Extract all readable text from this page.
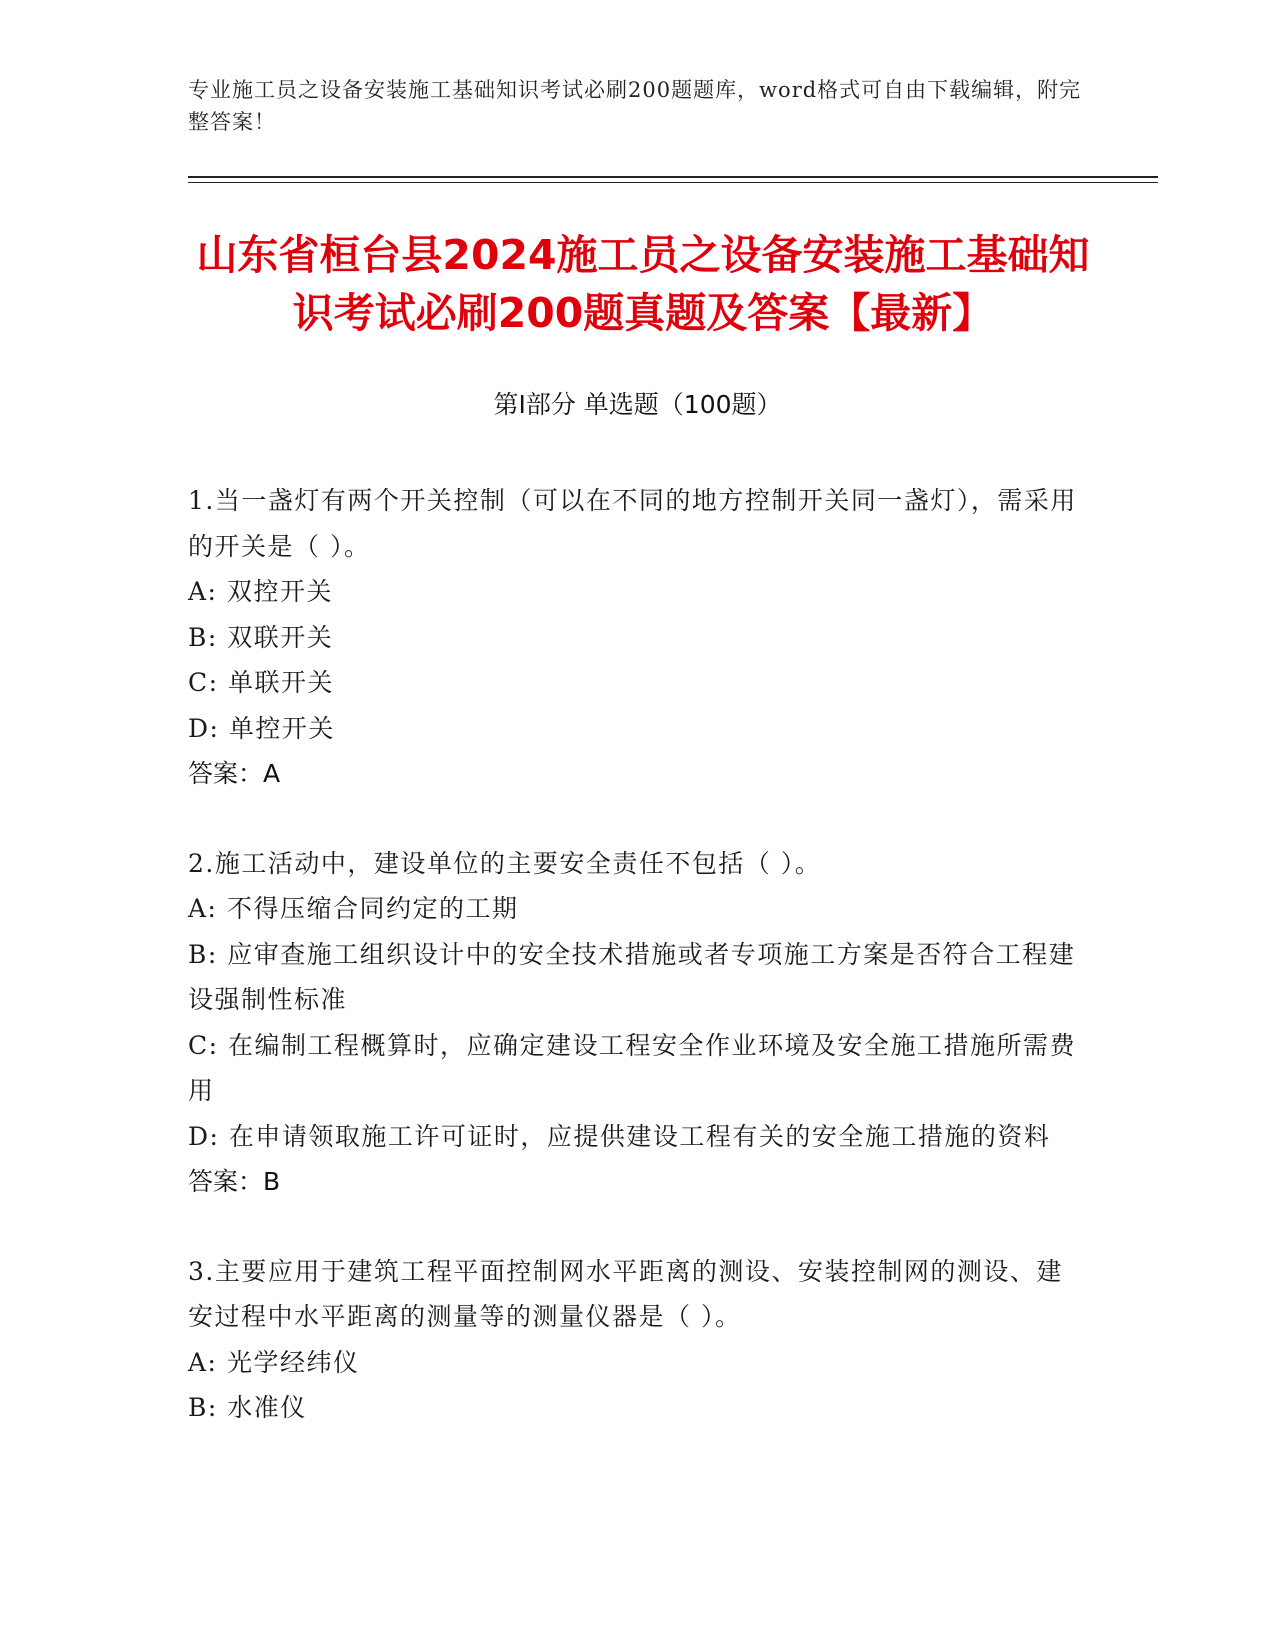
专业施工员之设备安装施工基础知识考试必刷200题题库，word格式可自由下载编辑，附完整答案！
山东省桓台县2024施工员之设备安装施工基础知识考试必刷200题真题及答案【最新】
第Ⅰ部分 单选题（100题）
1.当一盏灯有两个开关控制（可以在不同的地方控制开关同一盏灯），需采用的开关是（ ）。
A: 双控开关
B: 双联开关
C: 单联开关
D: 单控开关
答案：A
2.施工活动中，建设单位的主要安全责任不包括（ ）。
A: 不得压缩合同约定的工期
B: 应审查施工组织设计中的安全技术措施或者专项施工方案是否符合工程建设强制性标准
C: 在编制工程概算时，应确定建设工程安全作业环境及安全施工措施所需费用
D: 在申请领取施工许可证时，应提供建设工程有关的安全施工措施的资料
答案：B
3.主要应用于建筑工程平面控制网水平距离的测设、安装控制网的测设、建安过程中水平距离的测量等的测量仪器是（ ）。
A: 光学经纬仪
B: 水准仪
